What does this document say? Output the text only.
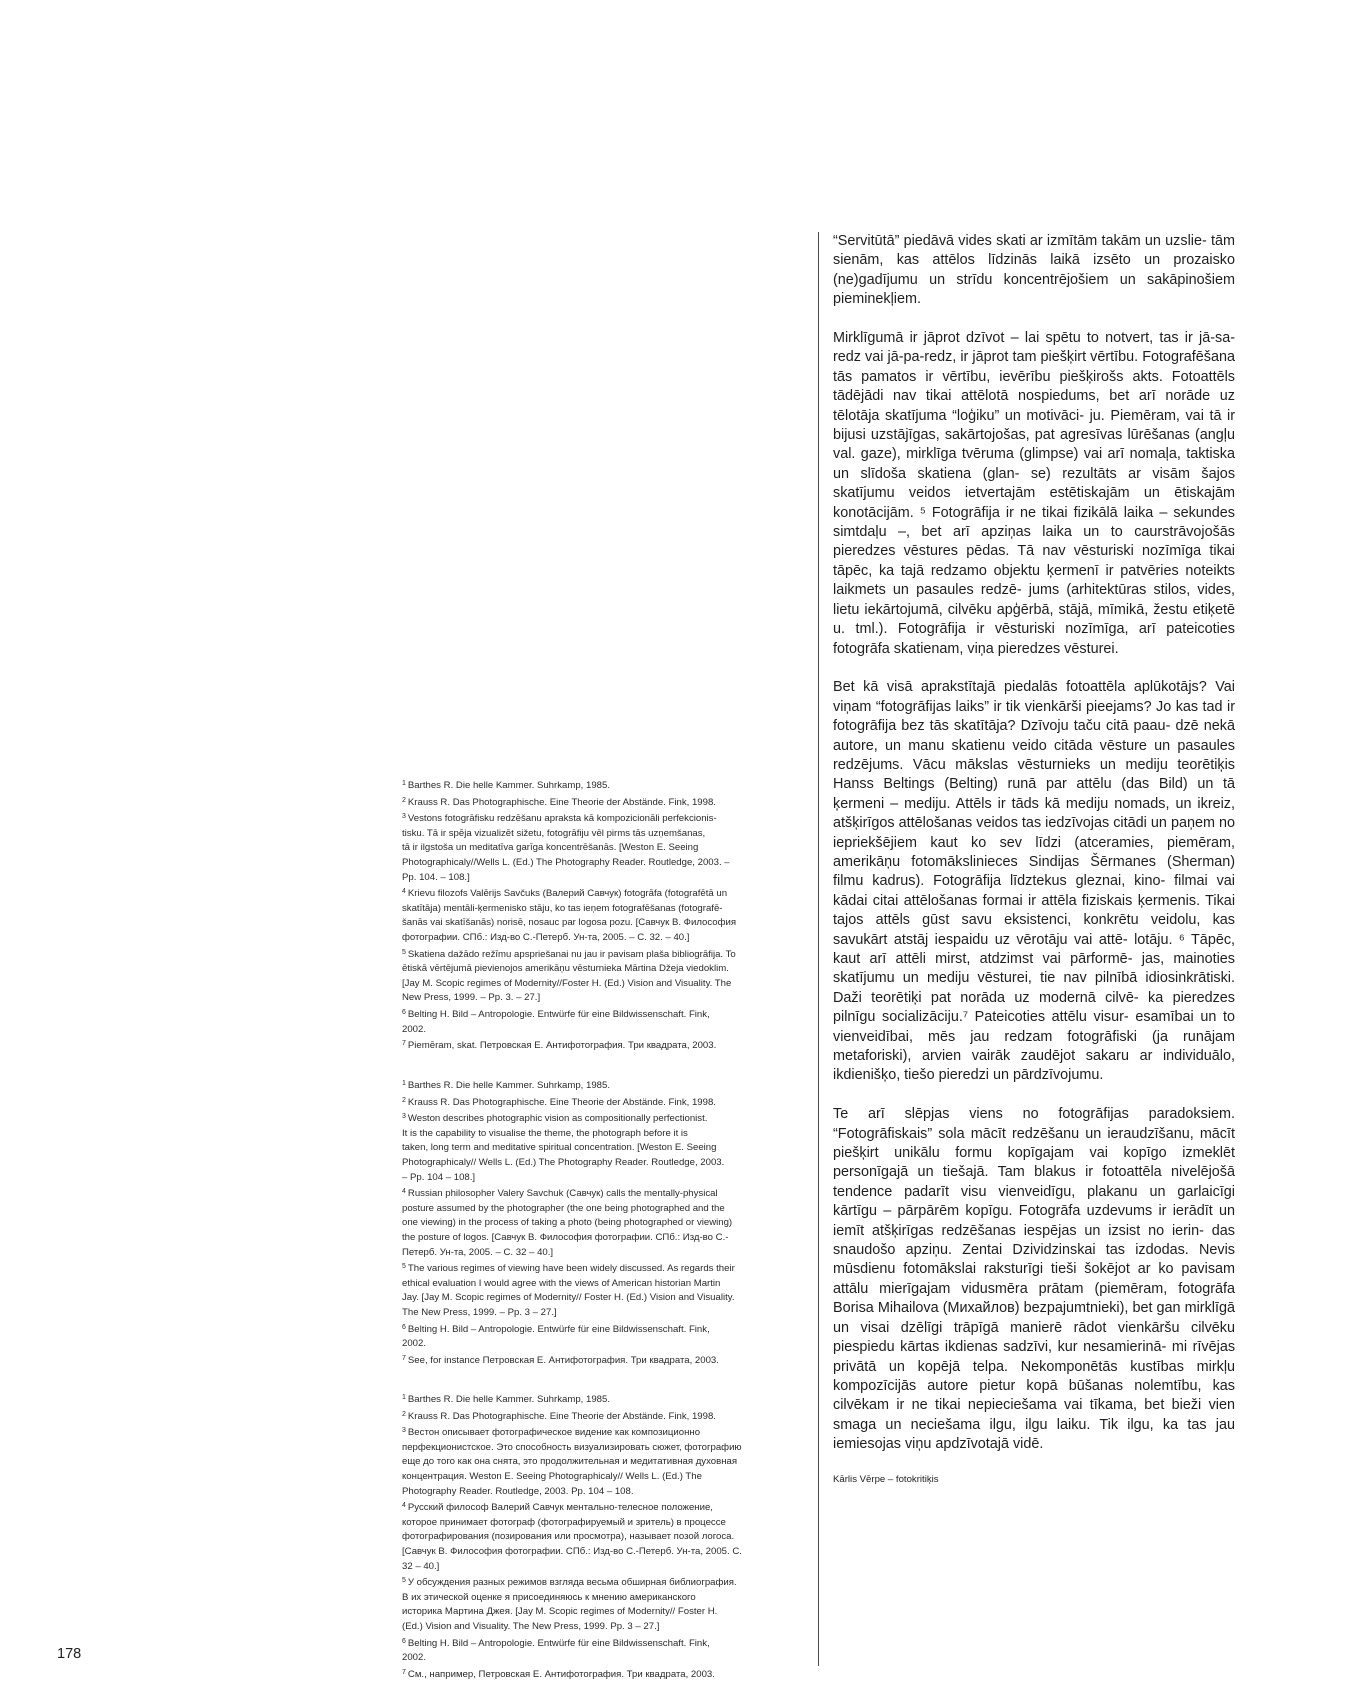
“Servitūtā” piedāvā vides skati ar izmītām takām un uzslie- tām sienām, kas attēlos līdzinās laikā izsēto un prozaisko (ne)gadījumu un strīdu koncentrējošiem un sakāpinošiem pieminekļiem.

Mirklīgumā ir jāprot dzīvot – lai spētu to notvert, tas ir jā-sa-redz vai jā-pa-redz, ir jāprot tam piešķirt vērtību. Fotografēšana tās pamatos ir vērtību, ievērību piešķirošs akts. Fotoattēls tādējādi nav tikai attēlotā nospiedums, bet arī norāde uz tēlotāja skatījuma “loģiku” un motivāci- ju. Piemēram, vai tā ir bijusi uzstājīgas, sakārtojošas, pat agresīvas lūrēšanas (angļu val. gaze), mirklīga tvēruma (glimpse) vai arī nomaļa, taktiska un slīdoša skatiena (glan- se) rezultāts ar visām šajos skatījumu veidos ietvertajām estētiskajām un ētiskajām konotācijām. ⁵ Fotogrāfija ir ne tikai fizikālā laika – sekundes simtdaļu –, bet arī apziņas laika un to caurstrāvojošās pieredzes vēstures pēdas. Tā nav vēsturiski nozīmīga tikai tāpēc, ka tajā redzamo objektu ķermenī ir patvēries noteikts laikmets un pasaules redzē- jums (arhitektūras stilos, vides, lietu iekārtojumā, cilvēku apģērbā, stājā, mīmikā, žestu etiķetē u. tml.). Fotogrāfija ir vēsturiski nozīmīga, arī pateicoties fotogrāfa skatienam, viņa pieredzes vēsturei.

Bet kā visā aprakstītajā piedalās fotoattēla aplūkotājs? Vai viņam “fotogrāfijas laiks” ir tik vienkārši pieejams? Jo kas tad ir fotogrāfija bez tās skatītāja? Dzīvoju taču citā paau- dzē nekā autore, un manu skatienu veido citāda vēsture un pasaules redzējums. Vācu mākslas vēsturnieks un mediju teorētiķis Hanss Beltings (Belting) runā par attēlu (das Bild) un tā ķermeni – mediju. Attēls ir tāds kā mediju nomads, un ikreiz, atšķirīgos attēlošanas veidos tas iedzīvojas citādi un paņem no iepriekšējiem kaut ko sev līdzi (atceramies, piemēram, amerikāņu fotomākslinieces Sindijas Šērmanes (Sherman) filmu kadrus). Fotogrāfija līdztekus gleznai, kino- filmai vai kādai citai attēlošanas formai ir attēla fiziskais ķermenis. Tikai tajos attēls gūst savu eksistenci, konkrētu veidolu, kas savukārt atstāj iespaidu uz vērotāju vai attē- lotāju. ⁶ Tāpēc, kaut arī attēli mirst, atdzimst vai pārformē- jas, mainoties skatījumu un mediju vēsturei, tie nav pilnībā idiosinkrātiski. Daži teorētiķi pat norāda uz modernā cilvē- ka pieredzes pilnīgu socializāciju.⁷ Pateicoties attēlu visur- esamībai un to vienveidībai, mēs jau redzam fotogrāfiski (ja runājam metaforiski), arvien vairāk zaudējot sakaru ar individuālo, ikdienišķo, tiešo pieredzi un pārdzīvojumu.

Te arī slēpjas viens no fotogrāfijas paradoksiem. “Fotogrāfiskais” sola mācīt redzēšanu un ieraudzīšanu, mācīt piešķirt unikālu formu kopīgajam vai kopīgo izmeklēt personīgajā un tiešajā. Tam blakus ir fotoattēla nivelējošā tendence padarīt visu vienveidīgu, plakanu un garlaicīgi kārtīgu – pārpārēm kopīgu. Fotogrāfa uzdevums ir ierādīt un iemīt atšķirīgas redzēšanas iespējas un izsist no ierin- das snaudošo apziņu. Zentai Dzividzinskai tas izdodas. Nevis mūsdienu fotomākslai raksturīgi tieši šokējot ar ko pavisam attālu mierīgajam vidusmēra prātam (piemēram, fotogrāfa Borisa Mihailova (Михайлов) bezpajumtnieki), bet gan mirklīgā un visai dzēlīgi trāpīgā manierē rādot vienkāršu cilvēku piespiedu kārtas ikdienas sadzīvi, kur nesamierinā- mi rīvējas privātā un kopējā telpa. Nekomponētās kustības mirkļu kompozīcijās autore pietur kopā būšanas nolemtību, kas cilvēkam ir ne tikai nepieciešama vai tīkama, bet bieži vien smaga un neciešama ilgu, ilgu laiku. Tik ilgu, ka tas jau iemiesojas viņu apdzīvotajā vidē.

Kārlis Vērpe – fotokritiķis
$^1$ Barthes R. Die helle Kammer. Suhrkamp, 1985.
$^2$ Krauss R. Das Photographische. Eine Theorie der Abstände. Fink, 1998.
$^3$ Vestons fotogrāfisku redzēšanu apraksta kā kompozicionāli perfekcionis-
tisku. Tā ir spēja vizualizēt sižetu, fotogrāfiju vēl pirms tās uzņemšanas,
tā ir ilgstoša un meditatīva garīga koncentrēšanās. [Weston E. Seeing
Photographicaly//Wells L. (Ed.) The Photography Reader. Routledge, 2003. –
Pp. 104. – 108.]
$^4$ Krievu filozofs Valērijs Savčuks (Валерий Савчук) fotogrāfa (fotografētā un
skatītāja) mentāli-ķermenisko stāju, ko tas ieņem fotografēšanas (fotografē-
šanās vai skatīšanās) norisē, nosauc par logosa pozu. [Савчук В. Философия
фотографии. СПб.: Изд-во С.-Петерб. Ун-та, 2005. – С. 32. – 40.]
$^5$ Skatiena dažādo režīmu apspriešanai nu jau ir pavisam plaša bibliogrāfija. To
ētiskā vērtējumā pievienojos amerikāņu vēsturnieka Mārtina Džeja viedoklim.
[Jay M. Scopic regimes of Modernity//Foster H. (Ed.) Vision and Visuality. The
New Press, 1999. – Pp. 3. – 27.]
$^6$ Belting H. Bild – Antropologie. Entwürfe für eine Bildwissenschaft. Fink,
2002.
$^7$ Piemēram, skat. Петровская Е. Антифотография. Три квадрата, 2003.
$^1$ Barthes R. Die helle Kammer. Suhrkamp, 1985.
$^2$ Krauss R. Das Photographische. Eine Theorie der Abstände. Fink, 1998.
$^3$ Weston describes photographic vision as compositionally perfectionist.
It is the capability to visualise the theme, the photograph before it is
taken, long term and meditative spiritual concentration. [Weston E. Seeing
Photographicaly// Wells L. (Ed.) The Photography Reader. Routledge, 2003.
– Pp. 104 – 108.]
$^4$ Russian philosopher Valery Savchuk (Савчук) calls the mentally-physical
posture assumed by the photographer (the one being photographed and the
one viewing) in the process of taking a photo (being photographed or viewing)
the posture of logos. [Савчук В. Философия фотографии. СПб.: Изд-во С.-
Петерб. Ун-та, 2005. – С. 32 – 40.]
$^5$ The various regimes of viewing have been widely discussed. As regards their
ethical evaluation I would agree with the views of American historian Martin
Jay. [Jay M. Scopic regimes of Modernity// Foster H. (Ed.) Vision and Visuality.
The New Press, 1999. – Pp. 3 – 27.]
$^6$ Belting H. Bild – Antropologie. Entwürfe für eine Bildwissenschaft. Fink,
2002.
$^7$ See, for instance Петровская Е. Антифотография. Три квадрата, 2003.
$^1$ Barthes R. Die helle Kammer. Suhrkamp, 1985.
$^2$ Krauss R. Das Photographische. Eine Theorie der Abstände. Fink, 1998.
$^3$ Вестон описывает фотографическое видение как композиционно
перфекционистское. Это способность визуализировать сюжет, фотографию
еще до того как она снята, это продолжительная и медитативная духовная
концентрация. Weston E. Seeing Photographicaly// Wells L. (Ed.) The
Photography Reader. Routledge, 2003. Pp. 104 – 108.
$^4$ Русский философ Валерий Савчук ментально-телесное положение,
которое принимает фотограф (фотографируемый и зритель) в процессе
фотографирования (позирования или просмотра), называет позой логоса.
[Савчук В. Философия фотографии. СПб.: Изд-во С.-Петерб. Ун-та, 2005. С.
32 – 40.]
$^5$ У обсуждения разных режимов взгляда весьма обширная библиография.
В их этической оценке я присоединяюсь к мнению американского
историка Мартина Джея. [Jay M. Scopic regimes of Modernity// Foster H.
(Ed.) Vision and Visuality. The New Press, 1999. Pp. 3 – 27.]
$^6$ Belting H. Bild – Antropologie. Entwürfe für eine Bildwissenschaft. Fink,
2002.
$^7$ См., например, Петровская Е. Антифотография. Три квадрата, 2003.
178
